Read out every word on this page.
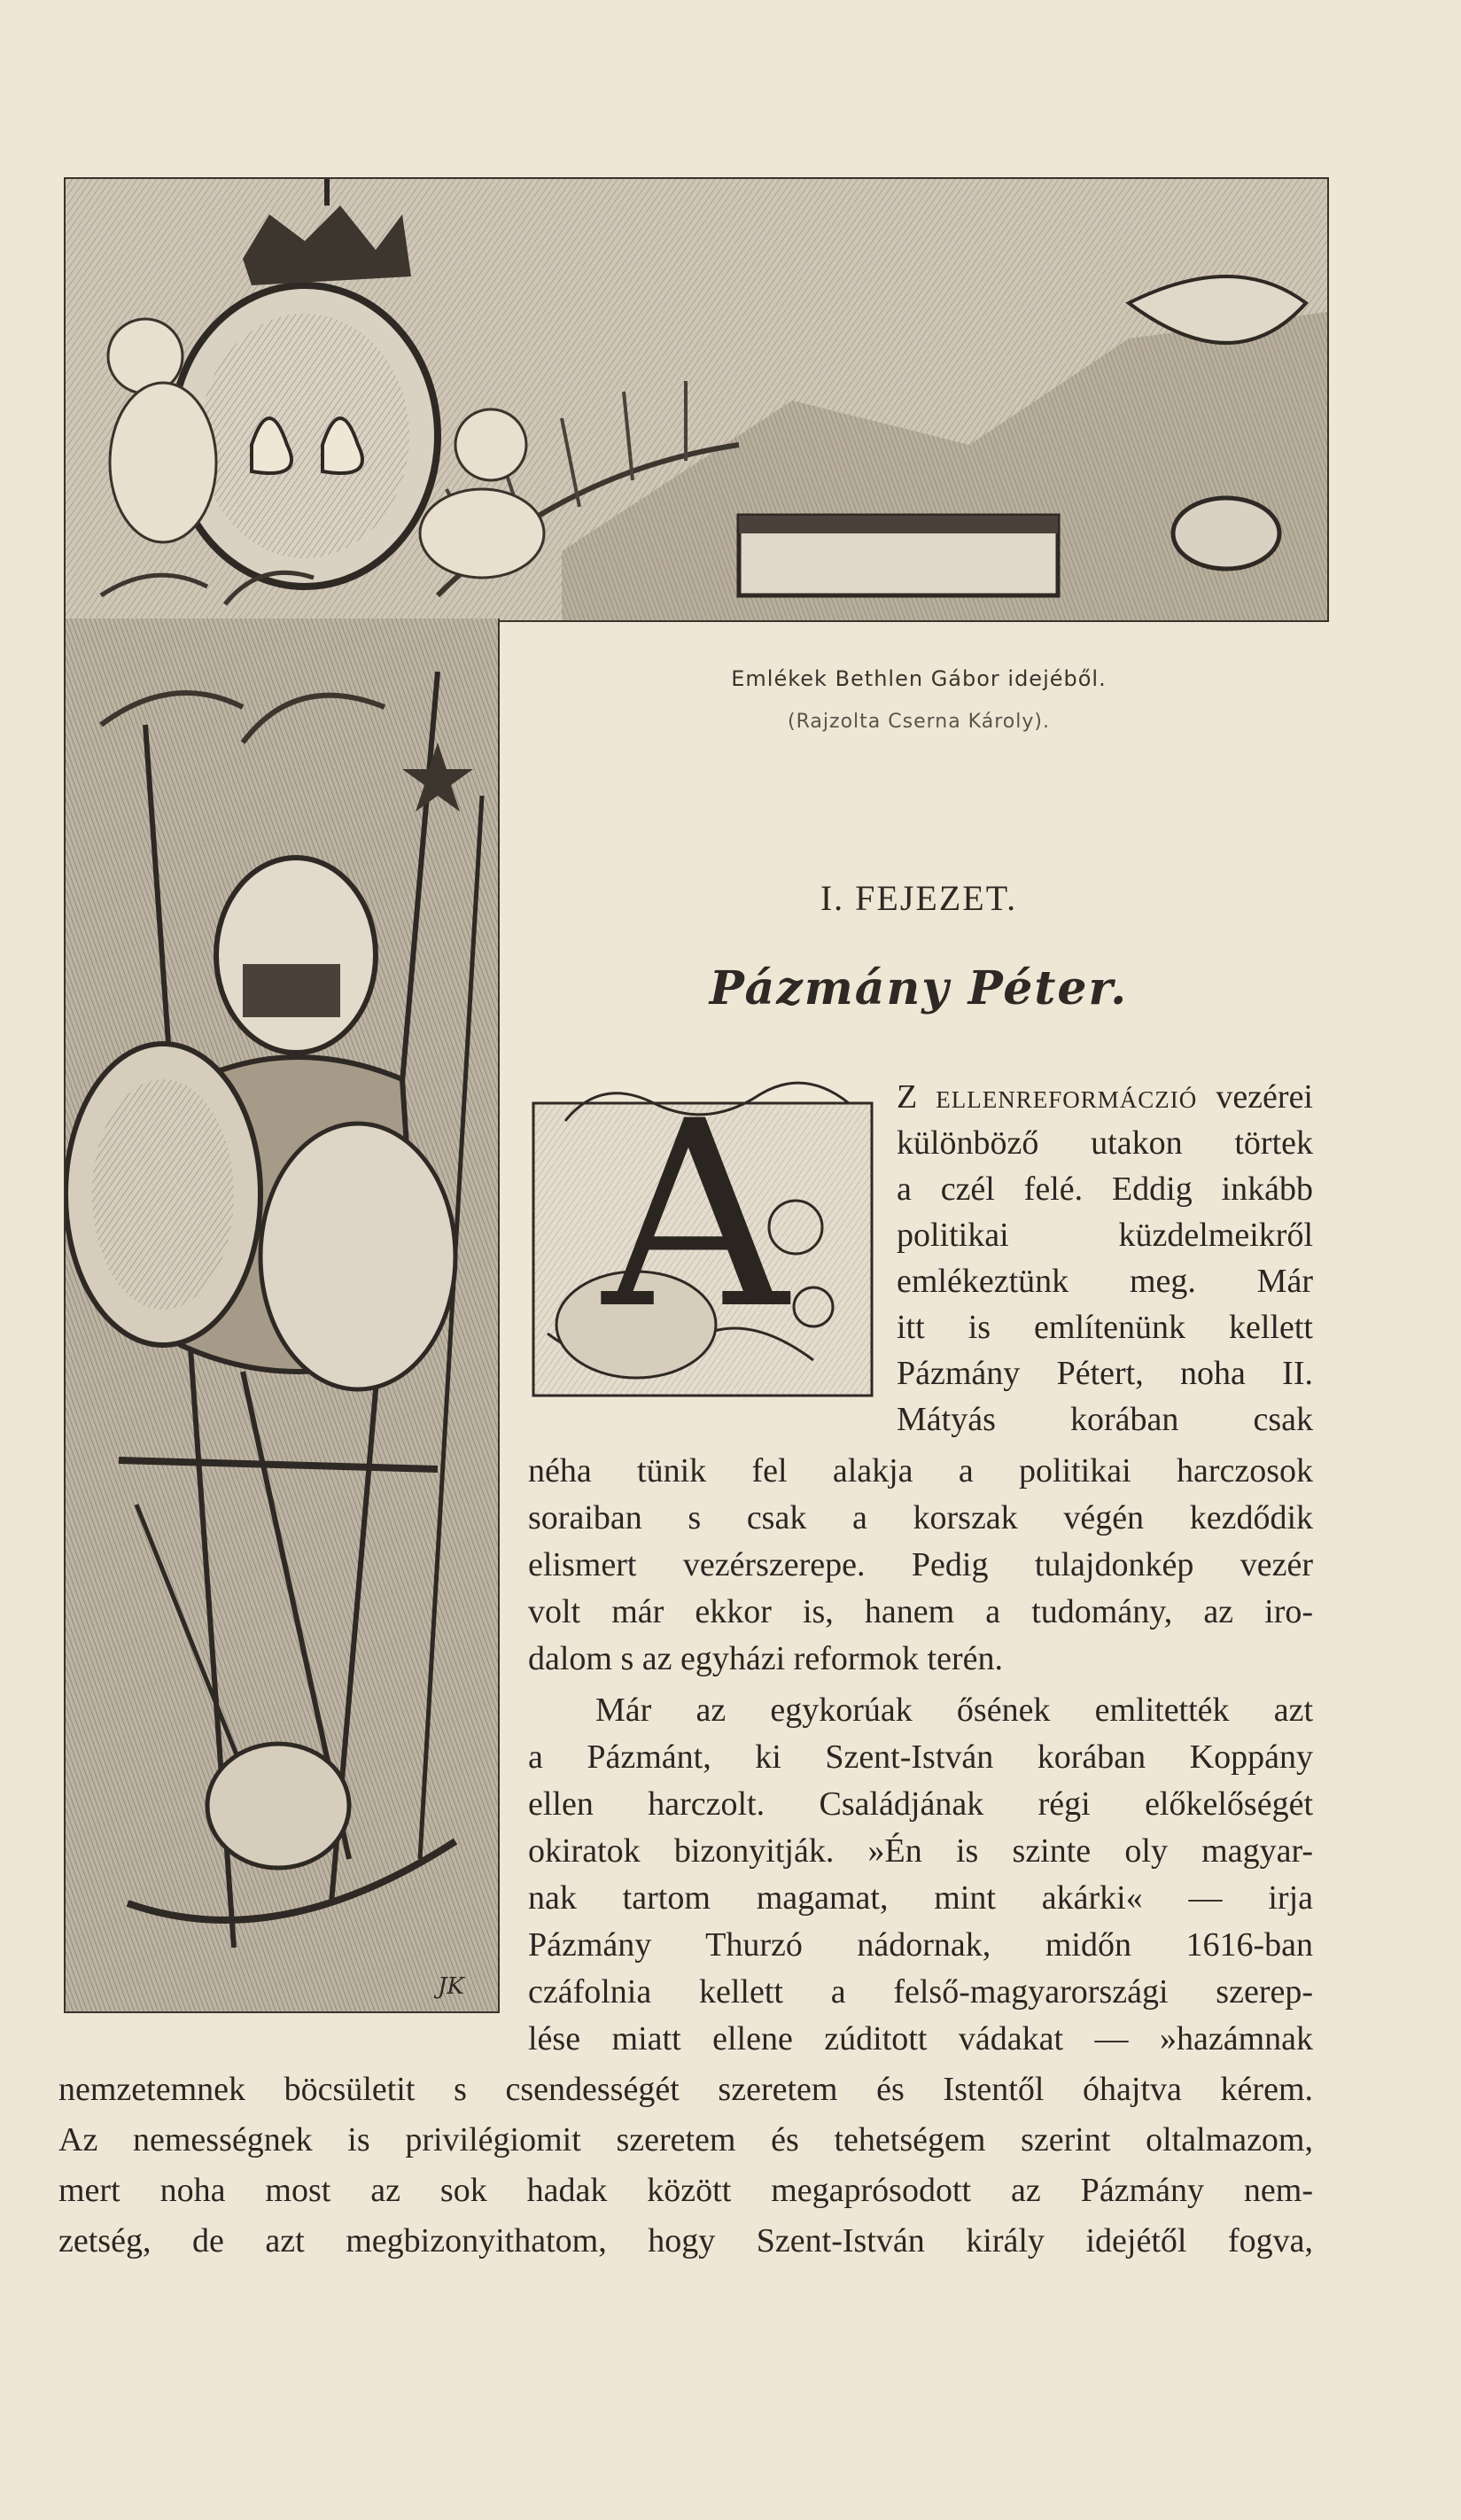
JK
Emlékek Bethlen Gábor idejéből.
(Rajzolta Cserna Károly).
I. FEJEZET.
Pázmány Péter.
A	Z ellenreformáczió vezérei
különböző utakon törtek
a czél felé. Eddig inkább
politikai küzdelmeikről
emlékeztünk meg. Már
itt is említenünk kellett
Pázmány Pétert, noha II.
Mátyás korában csak
néha tünik fel alakja a politikai harczosok
soraiban s csak a korszak végén kezdődik
elismert vezérszerepe. Pedig tulajdonkép vezér
volt már ekkor is, hanem a tudomány, az iro-
dalom s az egyházi reformok terén.
Már az egykorúak ősének emlitették azt
a Pázmánt, ki Szent-István korában Koppány
ellen harczolt. Családjának régi előkelőségét
okiratok bizonyitják. »Én is szinte oly magyar-
nak tartom magamat, mint akárki« — irja
Pázmány Thurzó nádornak, midőn 1616-ban
czáfolnia kellett a felső-magyarországi szerep-
lése miatt ellene zúditott vádakat — »hazámnak
nemzetemnek böcsületit s csendességét szeretem és Istentől óhajtva kérem.
Az nemességnek is privilégiomit szeretem és tehetségem szerint oltalmazom,
mert noha most az sok hadak között megaprósodott az Pázmány nem-
zetség, de azt megbizonyithatom, hogy Szent-István király idejétől fogva,
